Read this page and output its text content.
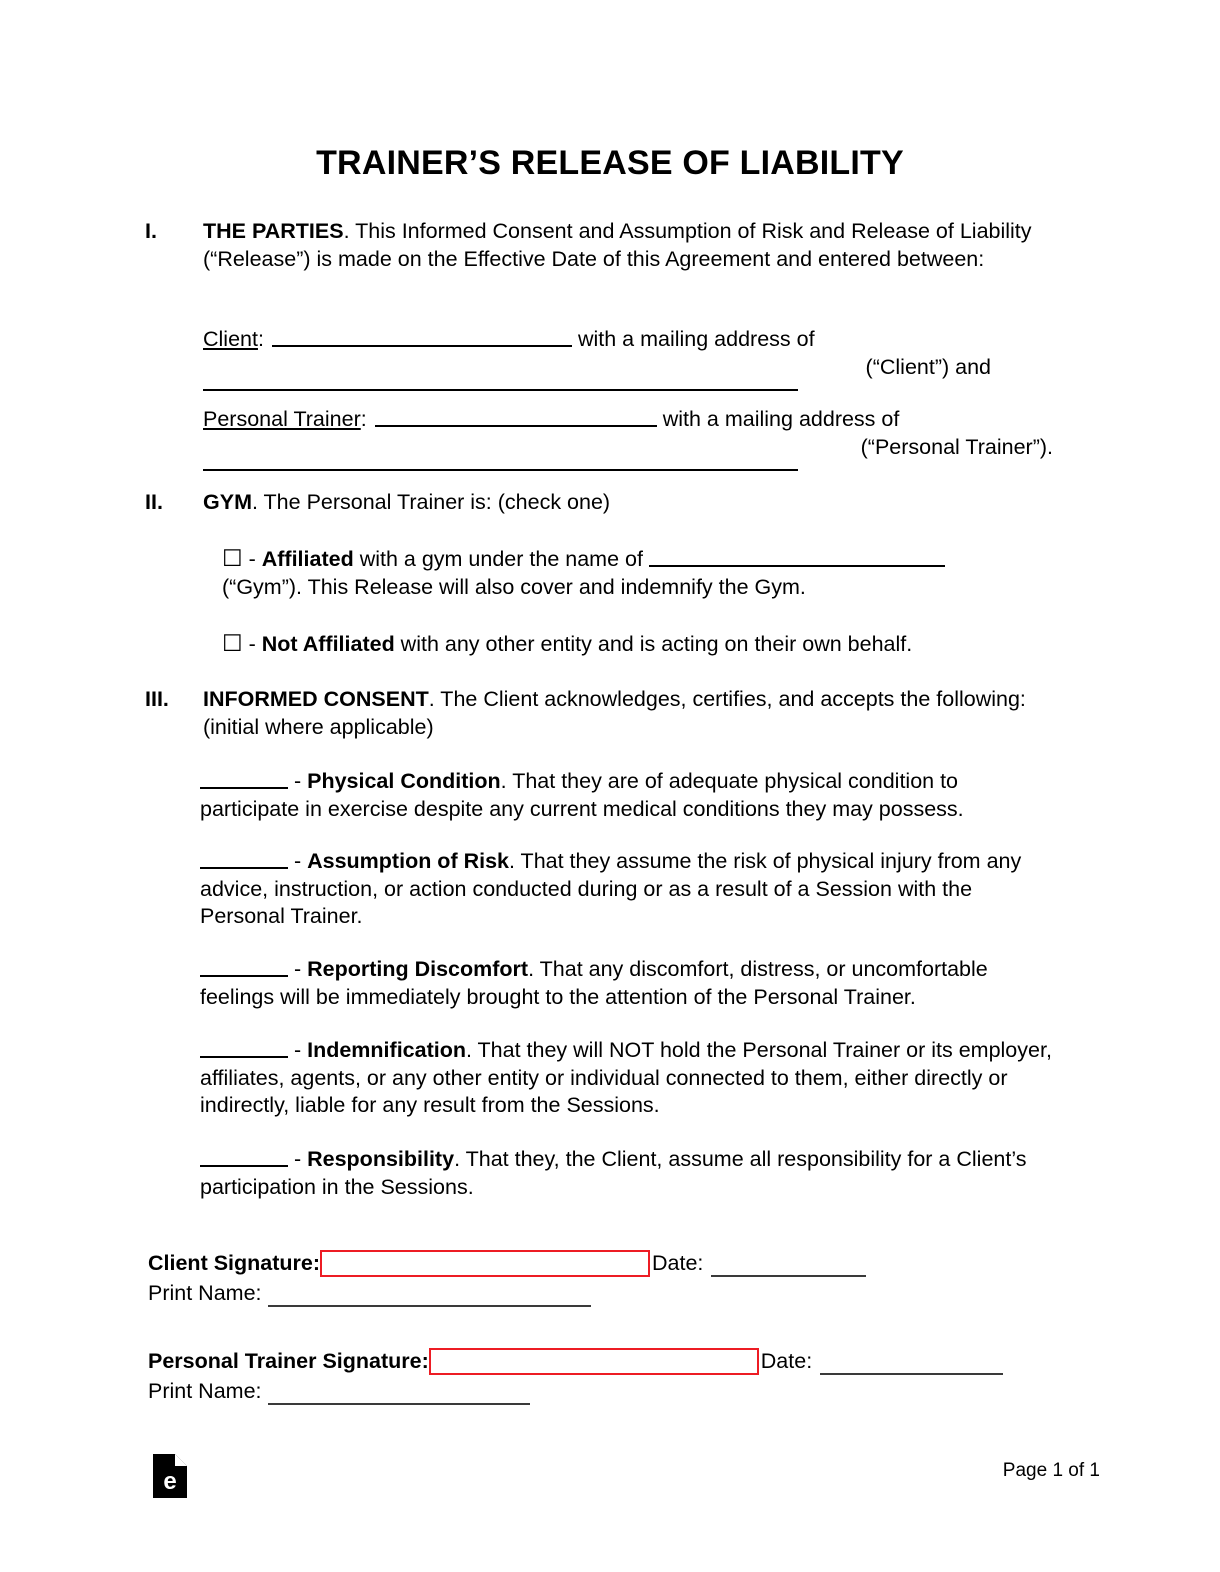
TRAINER’S RELEASE OF LIABILITY
I.	THE PARTIES. This Informed Consent and Assumption of Risk and Release of Liability (“Release”) is made on the Effective Date of this Agreement and entered between:
Client:	with a mailing address of
(“Client”) and
Personal Trainer:	with a mailing address of
(“Personal Trainer”).
II.	GYM. The Personal Trainer is: (check one)
☐ - Affiliated with a gym under the name of
(“Gym”). This Release will also cover and indemnify the Gym.
☐ - Not Affiliated with any other entity and is acting on their own behalf.
III.	INFORMED CONSENT. The Client acknowledges, certifies, and accepts the following: (initial where applicable)
- Physical Condition. That they are of adequate physical condition to participate in exercise despite any current medical conditions they may possess.
- Assumption of Risk. That they assume the risk of physical injury from any advice, instruction, or action conducted during or as a result of a Session with the Personal Trainer.
- Reporting Discomfort. That any discomfort, distress, or uncomfortable feelings will be immediately brought to the attention of the Personal Trainer.
- Indemnification. That they will NOT hold the Personal Trainer or its employer, affiliates, agents, or any other entity or individual connected to them, either directly or indirectly, liable for any result from the Sessions.
- Responsibility. That they, the Client, assume all responsibility for a Client’s participation in the Sessions.
Client Signature:	Date:
Print Name:
Personal Trainer Signature:	Date:
Print Name:
e	Page 1 of 1
